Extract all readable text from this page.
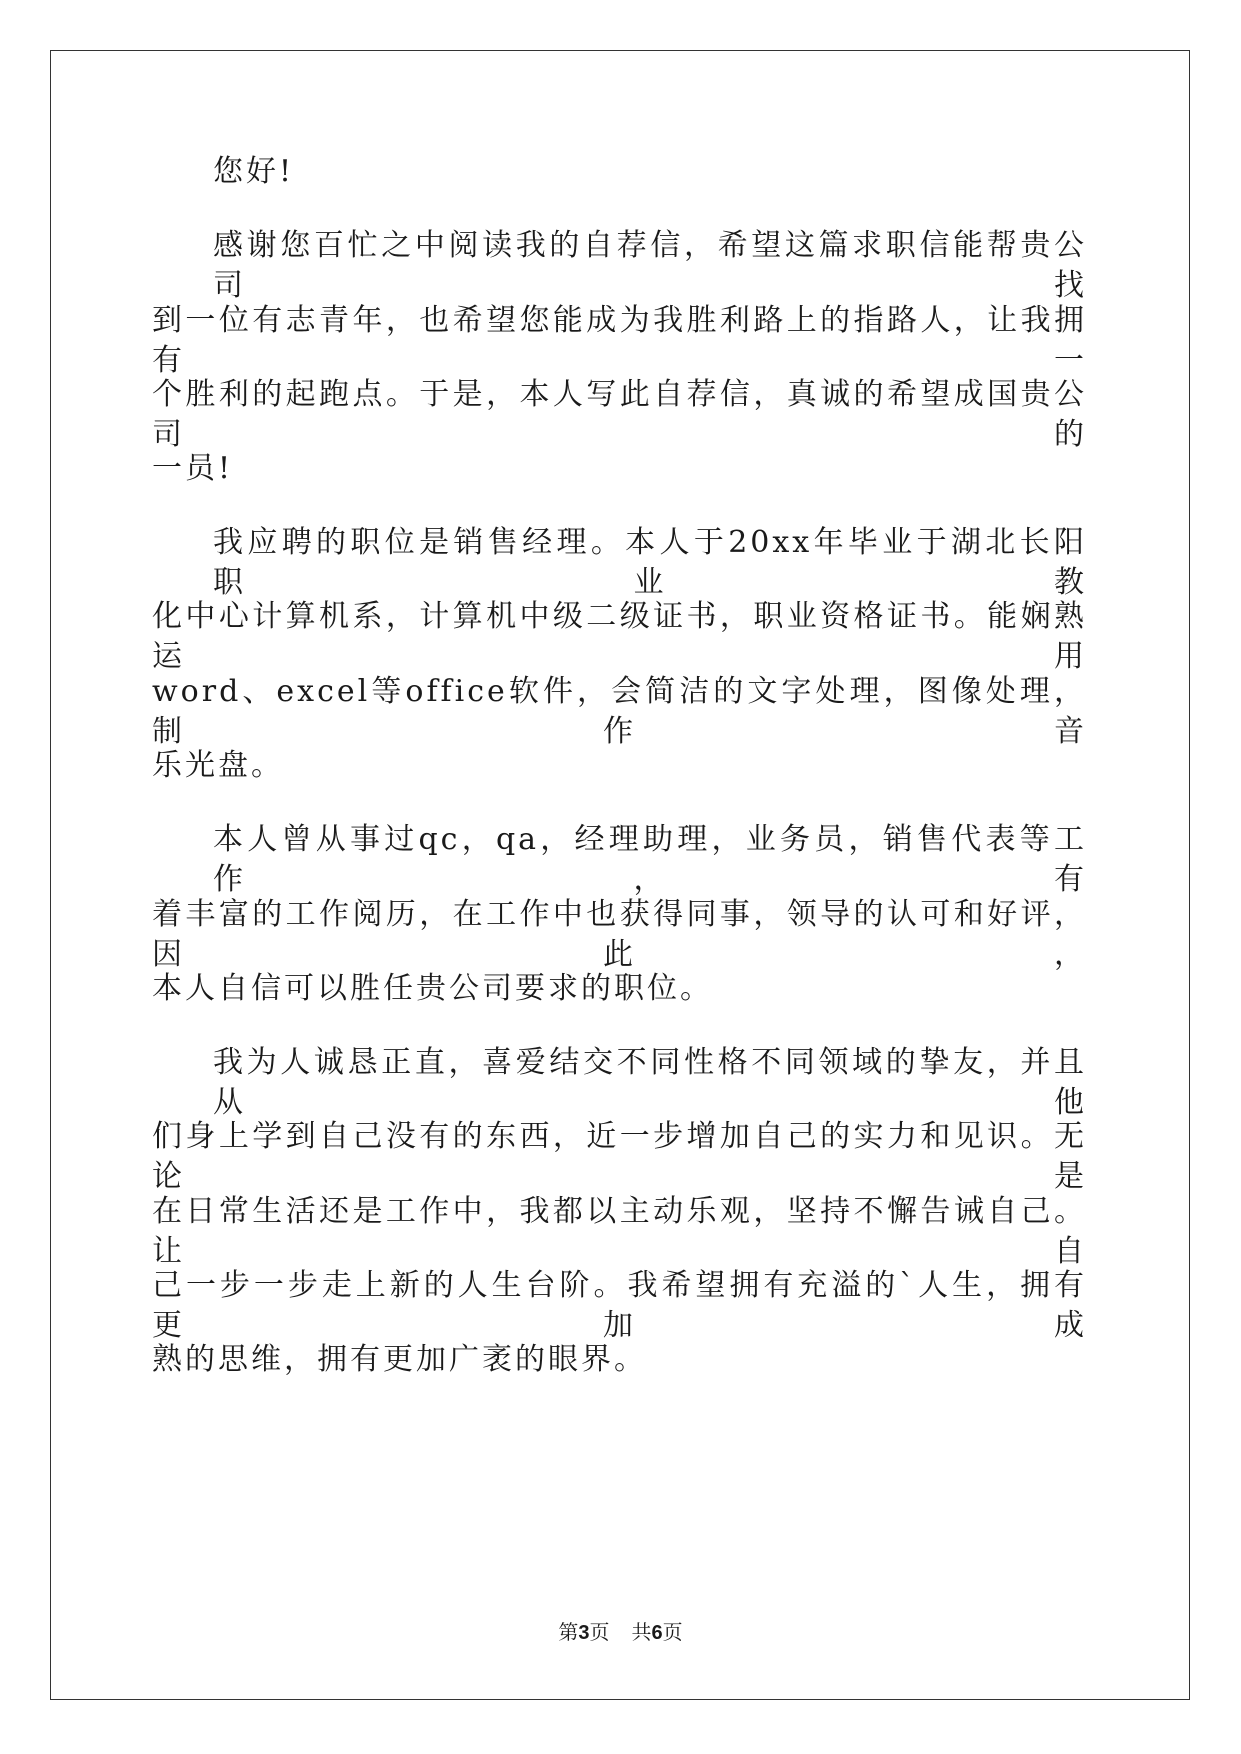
您好!
感谢您百忙之中阅读我的自荐信，希望这篇求职信能帮贵公司找
到一位有志青年，也希望您能成为我胜利路上的指路人，让我拥有一
个胜利的起跑点。于是，本人写此自荐信，真诚的希望成国贵公司的
一员!
我应聘的职位是销售经理。本人于20xx年毕业于湖北长阳职业教
化中心计算机系，计算机中级二级证书，职业资格证书。能娴熟运用
word、excel等office软件，会简洁的文字处理，图像处理，制作音
乐光盘。
本人曾从事过qc，qa，经理助理，业务员，销售代表等工作，有
着丰富的工作阅历，在工作中也获得同事，领导的认可和好评，因此，
本人自信可以胜任贵公司要求的职位。
我为人诚恳正直，喜爱结交不同性格不同领域的挚友，并且从他
们身上学到自己没有的东西，近一步增加自己的实力和见识。无论是
在日常生活还是工作中，我都以主动乐观，坚持不懈告诫自己。让自
己一步一步走上新的人生台阶。我希望拥有充溢的`人生，拥有更加成
熟的思维，拥有更加广袤的眼界。
第3页 共6页
